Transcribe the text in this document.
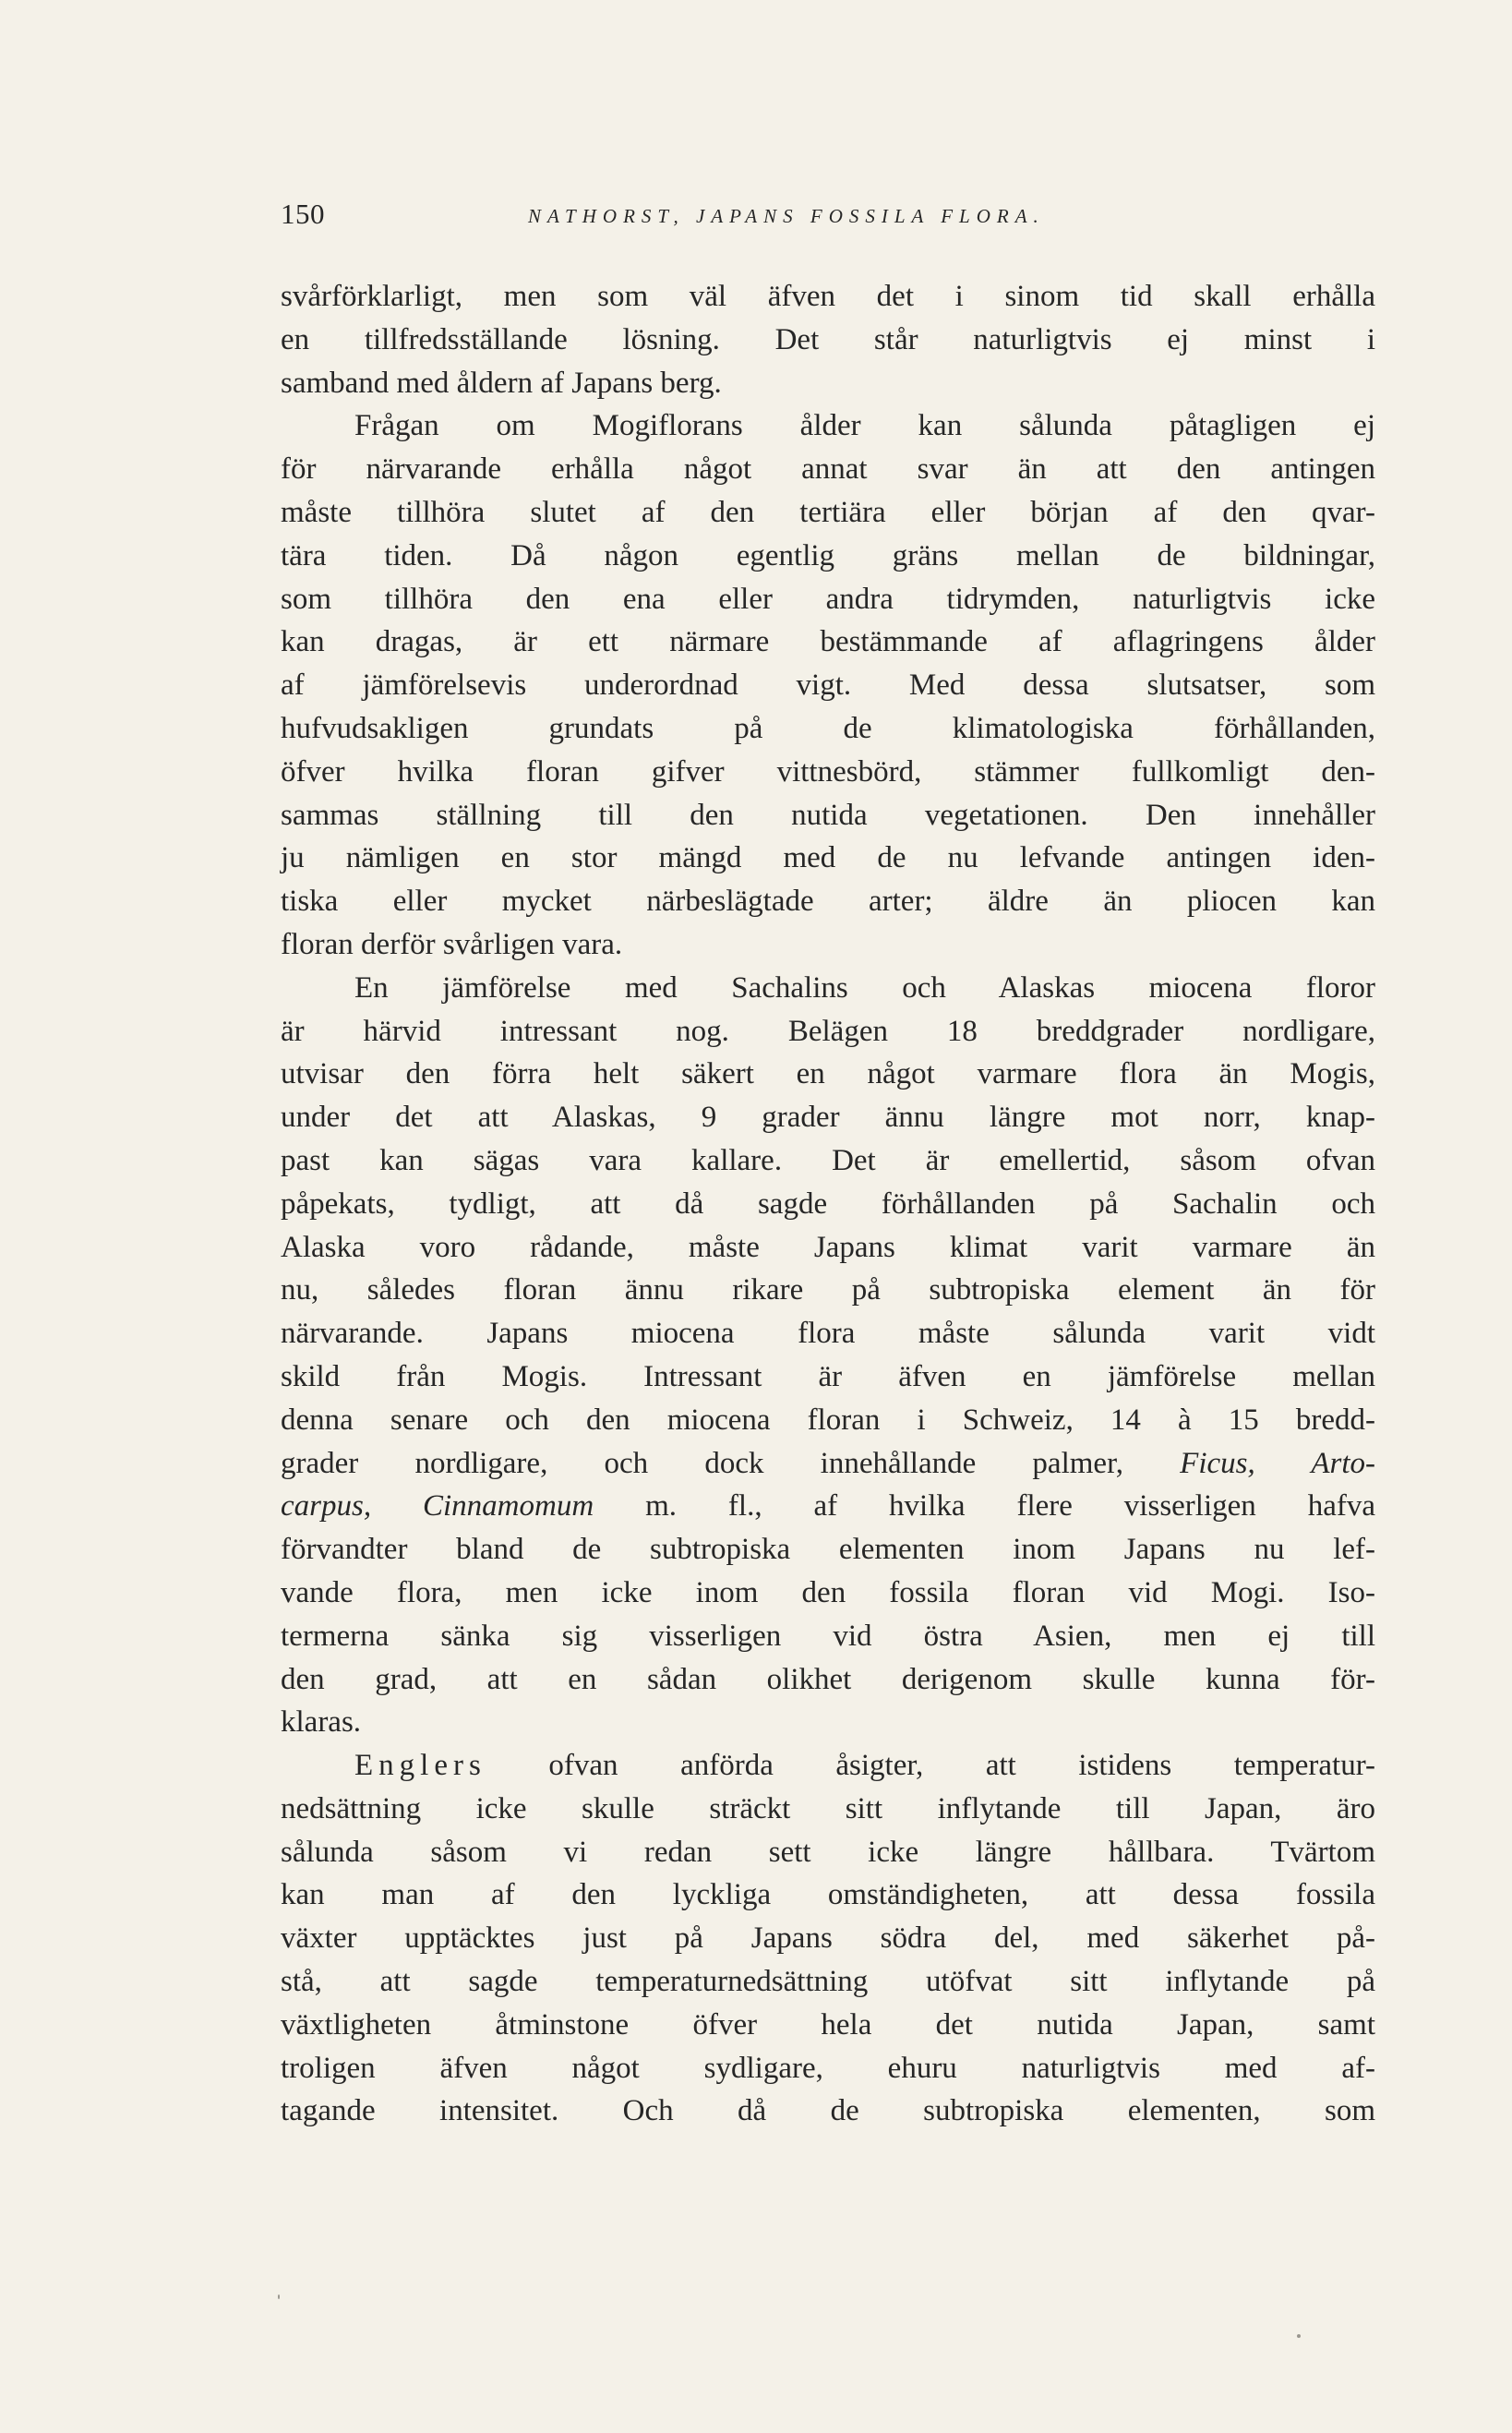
150	NATHORST, JAPANS FOSSILA FLORA.
svårförklarligt, men som väl äfven det i sinom tid skall erhålla
en tillfredsställande lösning. Det står naturligtvis ej minst i
samband med åldern af Japans berg.
Frågan om Mogiflorans ålder kan sålunda påtagligen ej
för närvarande erhålla något annat svar än att den antingen
måste tillhöra slutet af den tertiära eller början af den qvar-
tära tiden. Då någon egentlig gräns mellan de bildningar,
som tillhöra den ena eller andra tidrymden, naturligtvis icke
kan dragas, är ett närmare bestämmande af aflagringens ålder
af jämförelsevis underordnad vigt. Med dessa slutsatser, som
hufvudsakligen grundats på de klimatologiska förhållanden,
öfver hvilka floran gifver vittnesbörd, stämmer fullkomligt den-
sammas ställning till den nutida vegetationen. Den innehåller
ju nämligen en stor mängd med de nu lefvande antingen iden-
tiska eller mycket närbeslägtade arter; äldre än pliocen kan
floran derför svårligen vara.
En jämförelse med Sachalins och Alaskas miocena floror
är härvid intressant nog. Belägen 18 breddgrader nordligare,
utvisar den förra helt säkert en något varmare flora än Mogis,
under det att Alaskas, 9 grader ännu längre mot norr, knap-
past kan sägas vara kallare. Det är emellertid, såsom ofvan
påpekats, tydligt, att då sagde förhållanden på Sachalin och
Alaska voro rådande, måste Japans klimat varit varmare än
nu, således floran ännu rikare på subtropiska element än för
närvarande. Japans miocena flora måste sålunda varit vidt
skild från Mogis. Intressant är äfven en jämförelse mellan
denna senare och den miocena floran i Schweiz, 14 à 15 bredd-
grader nordligare, och dock innehållande palmer, Ficus, Arto-
carpus, Cinnamomum m. fl., af hvilka flere visserligen hafva
förvandter bland de subtropiska elementen inom Japans nu lef-
vande flora, men icke inom den fossila floran vid Mogi. Iso-
termerna sänka sig visserligen vid östra Asien, men ej till
den grad, att en sådan olikhet derigenom skulle kunna för-
klaras.
Englers ofvan anförda åsigter, att istidens temperatur-
nedsättning icke skulle sträckt sitt inflytande till Japan, äro
sålunda såsom vi redan sett icke längre hållbara. Tvärtom
kan man af den lyckliga omständigheten, att dessa fossila
växter upptäcktes just på Japans södra del, med säkerhet på-
stå, att sagde temperaturnedsättning utöfvat sitt inflytande på
växtligheten åtminstone öfver hela det nutida Japan, samt
troligen äfven något sydligare, ehuru naturligtvis med af-
tagande intensitet. Och då de subtropiska elementen, som
